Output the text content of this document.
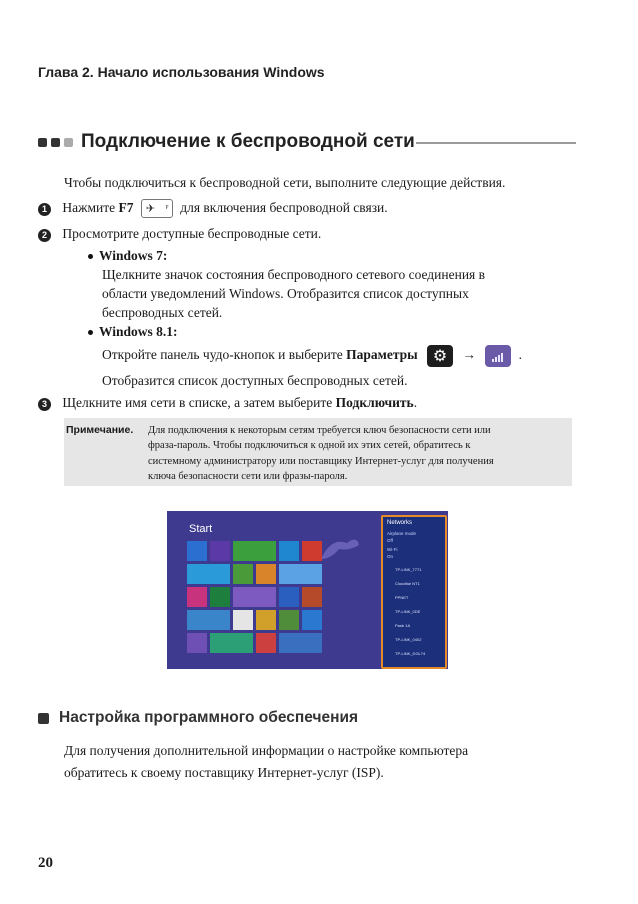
Глава 2. Начало использования Windows
Подключение к беспроводной сети
Чтобы подключиться к беспроводной сети, выполните следующие действия.
1 Нажмите F7 ✈ ꜰ для включения беспроводной связи.
2 Просмотрите доступные беспроводные сети.
Windows 7:
Щелкните значок состояния беспроводного сетевого соединения в
области уведомлений Windows. Отобразится список доступных
беспроводных сетей.
Windows 8.1:
Откройте панель чудо-кнопок и выберите Параметры ⚙	→	.
Отобразится список доступных беспроводных сетей.
3 Щелкните имя сети в списке, а затем выберите Подключить.
Примечание. Для подключения к некоторым сетям требуется ключ безопасности сети или
фраза-пароль. Чтобы подключиться к одной их этих сетей, обратитесь к
системному администратору или поставщику Интернет-услуг для получения
ключа безопасности сети или фразы-пароля.
Start	Networks
Airplane mode
Off
Wi-Fi
On
TP-LINK_7771
Cloudfair NT1
PPNET
TP-LINK_0DE
Pasb 1A
TP-LINK_0402
TP-LINK_DGL74
Настройка программного обеспечения
Для получения дополнительной информации о настройке компьютера
обратитесь к своему поставщику Интернет-услуг (ISP).
20
